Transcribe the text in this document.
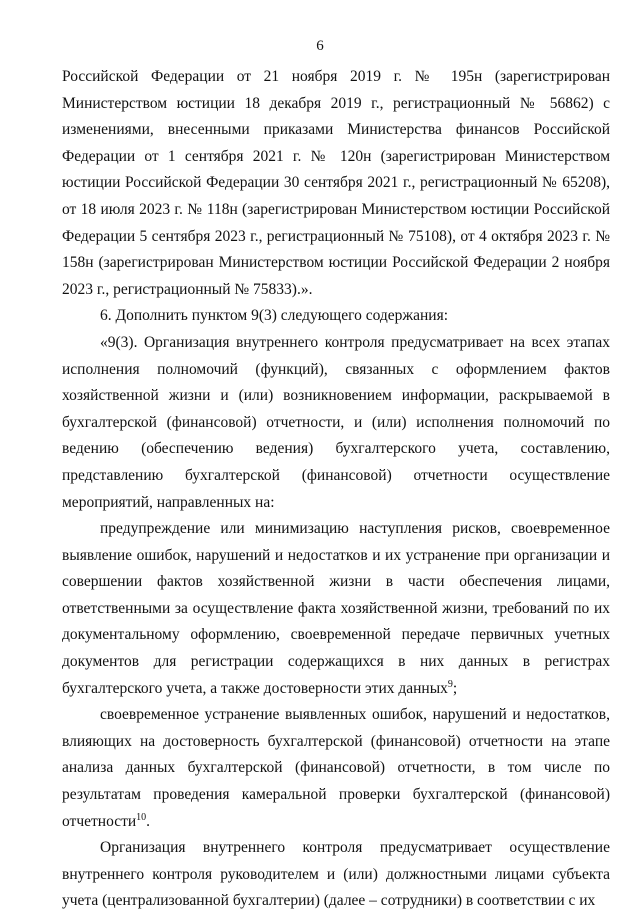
6

Российской Федерации от 21 ноября 2019 г. № 195н (зарегистрирован Министерством юстиции 18 декабря 2019 г., регистрационный № 56862) с изменениями, внесенными приказами Министерства финансов Российской Федерации от 1 сентября 2021 г. № 120н (зарегистрирован Министерством юстиции Российской Федерации 30 сентября 2021 г., регистрационный № 65208), от 18 июля 2023 г. № 118н (зарегистрирован Министерством юстиции Российской Федерации 5 сентября 2023 г., регистрационный № 75108), от 4 октября 2023 г. № 158н (зарегистрирован Министерством юстиции Российской Федерации 2 ноября 2023 г., регистрационный № 75833).».

6. Дополнить пунктом 9(3) следующего содержания:

«9(3). Организация внутреннего контроля предусматривает на всех этапах исполнения полномочий (функций), связанных с оформлением фактов хозяйственной жизни и (или) возникновением информации, раскрываемой в бухгалтерской (финансовой) отчетности, и (или) исполнения полномочий по ведению (обеспечению ведения) бухгалтерского учета, составлению, представлению бухгалтерской (финансовой) отчетности осуществление мероприятий, направленных на:

предупреждение или минимизацию наступления рисков, своевременное выявление ошибок, нарушений и недостатков и их устранение при организации и совершении фактов хозяйственной жизни в части обеспечения лицами, ответственными за осуществление факта хозяйственной жизни, требований по их документальному оформлению, своевременной передаче первичных учетных документов для регистрации содержащихся в них данных в регистрах бухгалтерского учета, а также достоверности этих данных$^9$;

своевременное устранение выявленных ошибок, нарушений и недостатков, влияющих на достоверность бухгалтерской (финансовой) отчетности на этапе анализа данных бухгалтерской (финансовой) отчетности, в том числе по результатам проведения камеральной проверки бухгалтерской (финансовой) отчетности$^{10}$.

Организация внутреннего контроля предусматривает осуществление внутреннего контроля руководителем и (или) должностными лицами субъекта учета (централизованной бухгалтерии) (далее – сотрудники) в соответствии с их
